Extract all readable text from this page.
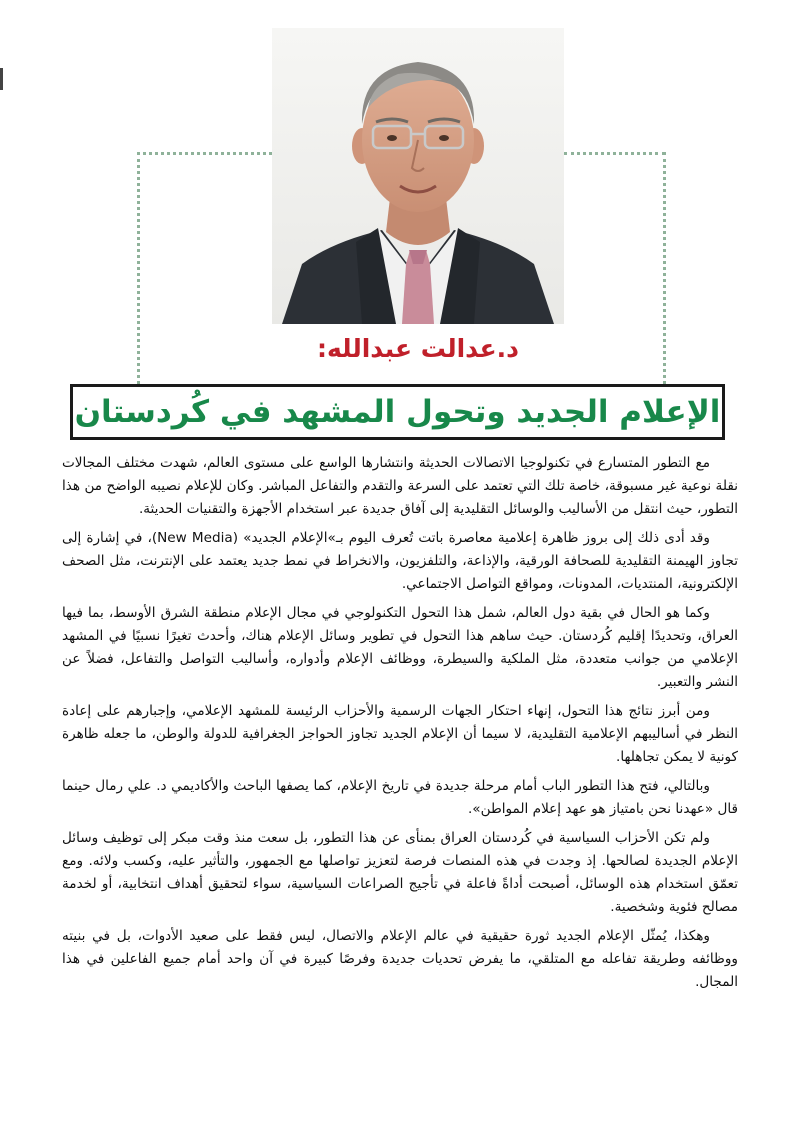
د.عدالت عبدالله:
الإعلام الجديد وتحول المشهد في كُردستان

مع التطور المتسارع في تكنولوجيا الاتصالات الحديثة وانتشارها الواسع على مستوى العالم، شهدت مختلف المجالات نقلة نوعية غير مسبوقة، خاصة تلك التي تعتمد على السرعة والتقدم والتفاعل المباشر. وكان للإعلام نصيبه الواضح من هذا التطور، حيث انتقل من الأساليب والوسائل التقليدية إلى آفاق جديدة عبر استخدام الأجهزة والتقنيات الحديثة.

وقد أدى ذلك إلى بروز ظاهرة إعلامية معاصرة باتت تُعرف اليوم بـ»الإعلام الجديد» (New Media)، في إشارة إلى تجاوز الهيمنة التقليدية للصحافة الورقية، والإذاعة، والتلفزيون، والانخراط في نمط جديد يعتمد على الإنترنت، مثل الصحف الإلكترونية، المنتديات، المدونات، ومواقع التواصل الاجتماعي.

وكما هو الحال في بقية دول العالم، شمل هذا التحول التكنولوجي في مجال الإعلام منطقة الشرق الأوسط، بما فيها العراق، وتحديدًا إقليم كُردستان. حيث ساهم هذا التحول في تطوير وسائل الإعلام هناك، وأحدث تغيرًا نسبيًا في المشهد الإعلامي من جوانب متعددة، مثل الملكية والسيطرة، ووظائف الإعلام وأدواره، وأساليب التواصل والتفاعل، فضلاً عن النشر والتعبير.

ومن أبرز نتائج هذا التحول، إنهاء احتكار الجهات الرسمية والأحزاب الرئيسة للمشهد الإعلامي، وإجبارهم على إعادة النظر في أساليبهم الإعلامية التقليدية، لا سيما أن الإعلام الجديد تجاوز الحواجز الجغرافية للدولة والوطن، ما جعله ظاهرة كونية لا يمكن تجاهلها.

وبالتالي، فتح هذا التطور الباب أمام مرحلة جديدة في تاريخ الإعلام، كما يصفها الباحث والأكاديمي د. علي رمال حينما قال «عهدنا نحن بامتياز هو عهد إعلام المواطن».

ولم تكن الأحزاب السياسية في كُردستان العراق بمنأى عن هذا التطور، بل سعت منذ وقت مبكر إلى توظيف وسائل الإعلام الجديدة لصالحها. إذ وجدت في هذه المنصات فرصة لتعزيز تواصلها مع الجمهور، والتأثير عليه، وكسب ولائه. ومع تعمّق استخدام هذه الوسائل، أصبحت أداةً فاعلة في تأجيج الصراعات السياسية، سواء لتحقيق أهداف انتخابية، أو لخدمة مصالح فئوية وشخصية.

وهكذا، يُمثّل الإعلام الجديد ثورة حقيقية في عالم الإعلام والاتصال، ليس فقط على صعيد الأدوات، بل في بنيته ووظائفه وطريقة تفاعله مع المتلقي، ما يفرض تحديات جديدة وفرصًا كبيرة في آن واحد أمام جميع الفاعلين في هذا المجال.
